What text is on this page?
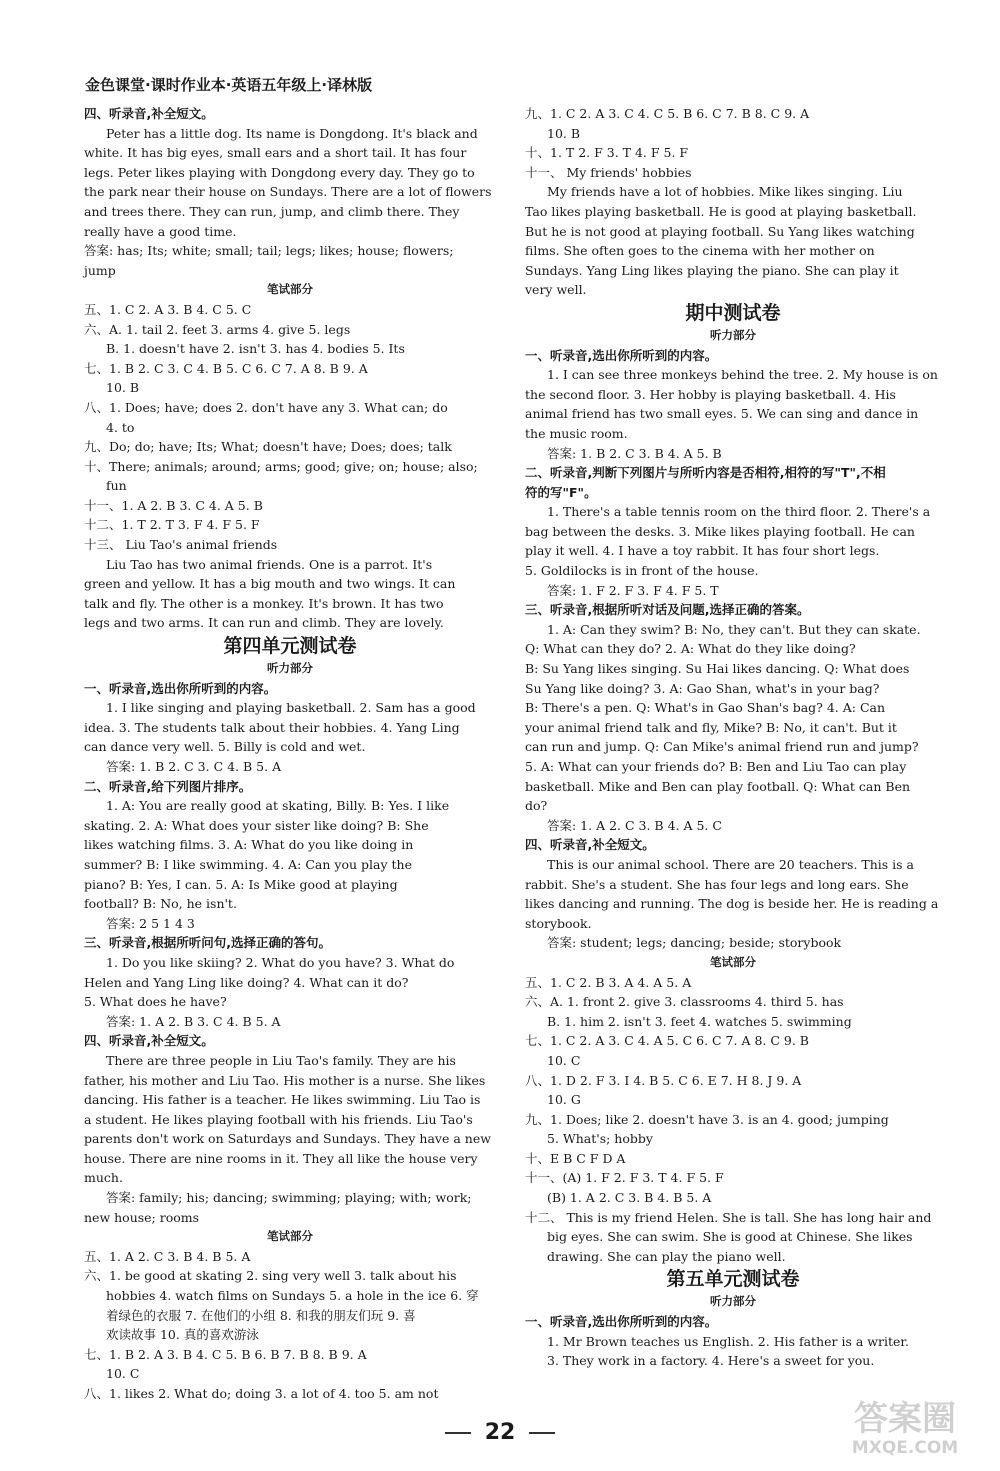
金色课堂·课时作业本·英语五年级上·译林版
四、听录音,补全短文。
Peter has a little dog. Its name is Dongdong. It's black and
white. It has big eyes, small ears and a short tail. It has four
legs. Peter likes playing with Dongdong every day. They go to
the park near their house on Sundays. There are a lot of flowers
and trees there. They can run, jump, and climb there. They
really have a good time.
答案: has; Its; white; small; tail; legs; likes; house; flowers;
jump
笔试部分
五、1. C 2. A 3. B 4. C 5. C
六、A. 1. tail 2. feet 3. arms 4. give 5. legs
B. 1. doesn't have 2. isn't 3. has 4. bodies 5. Its
七、1. B 2. C 3. C 4. B 5. C 6. C 7. A 8. B 9. A
10. B
八、1. Does; have; does 2. don't have any 3. What can; do
4. to
九、Do; do; have; Its; What; doesn't have; Does; does; talk
十、There; animals; around; arms; good; give; on; house; also;
fun
十一、1. A 2. B 3. C 4. A 5. B
十二、1. T 2. T 3. F 4. F 5. F
十三、 Liu Tao's animal friends
Liu Tao has two animal friends. One is a parrot. It's
green and yellow. It has a big mouth and two wings. It can
talk and fly. The other is a monkey. It's brown. It has two
legs and two arms. It can run and climb. They are lovely.
第四单元测试卷
听力部分
一、听录音,选出你所听到的内容。
1. I like singing and playing basketball. 2. Sam has a good
idea. 3. The students talk about their hobbies. 4. Yang Ling
can dance very well. 5. Billy is cold and wet.
答案: 1. B 2. C 3. C 4. B 5. A
二、听录音,给下列图片排序。
1. A: You are really good at skating, Billy. B: Yes. I like
skating. 2. A: What does your sister like doing? B: She
likes watching films. 3. A: What do you like doing in
summer? B: I like swimming. 4. A: Can you play the
piano? B: Yes, I can. 5. A: Is Mike good at playing
football? B: No, he isn't.
答案: 2 5 1 4 3
三、听录音,根据所听问句,选择正确的答句。
1. Do you like skiing? 2. What do you have? 3. What do
Helen and Yang Ling like doing? 4. What can it do?
5. What does he have?
答案: 1. A 2. B 3. C 4. B 5. A
四、听录音,补全短文。
There are three people in Liu Tao's family. They are his
father, his mother and Liu Tao. His mother is a nurse. She likes
dancing. His father is a teacher. He likes swimming. Liu Tao is
a student. He likes playing football with his friends. Liu Tao's
parents don't work on Saturdays and Sundays. They have a new
house. There are nine rooms in it. They all like the house very
much.
答案: family; his; dancing; swimming; playing; with; work;
new house; rooms
笔试部分
五、1. A 2. C 3. B 4. B 5. A
六、1. be good at skating 2. sing very well 3. talk about his
hobbies 4. watch films on Sundays 5. a hole in the ice 6. 穿
着绿色的衣服 7. 在他们的小组 8. 和我的朋友们玩 9. 喜
欢读故事 10. 真的喜欢游泳
七、1. B 2. A 3. B 4. C 5. B 6. B 7. B 8. B 9. A
10. C
八、1. likes 2. What do; doing 3. a lot of 4. too 5. am not
九、1. C 2. A 3. C 4. C 5. B 6. C 7. B 8. C 9. A
10. B
十、1. T 2. F 3. T 4. F 5. F
十一、 My friends' hobbies
My friends have a lot of hobbies. Mike likes singing. Liu
Tao likes playing basketball. He is good at playing basketball.
But he is not good at playing football. Su Yang likes watching
films. She often goes to the cinema with her mother on
Sundays. Yang Ling likes playing the piano. She can play it
very well.
期中测试卷
听力部分
一、听录音,选出你所听到的内容。
1. I can see three monkeys behind the tree. 2. My house is on
the second floor. 3. Her hobby is playing basketball. 4. His
animal friend has two small eyes. 5. We can sing and dance in
the music room.
答案: 1. B 2. C 3. B 4. A 5. B
二、听录音,判断下列图片与所听内容是否相符,相符的写"T",不相
符的写"F"。
1. There's a table tennis room on the third floor. 2. There's a
bag between the desks. 3. Mike likes playing football. He can
play it well. 4. I have a toy rabbit. It has four short legs.
5. Goldilocks is in front of the house.
答案: 1. F 2. F 3. F 4. F 5. T
三、听录音,根据所听对话及问题,选择正确的答案。
1. A: Can they swim? B: No, they can't. But they can skate.
Q: What can they do? 2. A: What do they like doing?
B: Su Yang likes singing. Su Hai likes dancing. Q: What does
Su Yang like doing? 3. A: Gao Shan, what's in your bag?
B: There's a pen. Q: What's in Gao Shan's bag? 4. A: Can
your animal friend talk and fly, Mike? B: No, it can't. But it
can run and jump. Q: Can Mike's animal friend run and jump?
5. A: What can your friends do? B: Ben and Liu Tao can play
basketball. Mike and Ben can play football. Q: What can Ben
do?
答案: 1. A 2. C 3. B 4. A 5. C
四、听录音,补全短文。
This is our animal school. There are 20 teachers. This is a
rabbit. She's a student. She has four legs and long ears. She
likes dancing and running. The dog is beside her. He is reading a
storybook.
答案: student; legs; dancing; beside; storybook
笔试部分
五、1. C 2. B 3. A 4. A 5. A
六、A. 1. front 2. give 3. classrooms 4. third 5. has
B. 1. him 2. isn't 3. feet 4. watches 5. swimming
七、1. C 2. A 3. C 4. A 5. C 6. C 7. A 8. C 9. B
10. C
八、1. D 2. F 3. I 4. B 5. C 6. E 7. H 8. J 9. A
10. G
九、1. Does; like 2. doesn't have 3. is an 4. good; jumping
5. What's; hobby
十、E B C F D A
十一、(A) 1. F 2. F 3. T 4. F 5. F
(B) 1. A 2. C 3. B 4. B 5. A
十二、 This is my friend Helen. She is tall. She has long hair and
big eyes. She can swim. She is good at Chinese. She likes
drawing. She can play the piano well.
第五单元测试卷
听力部分
一、听录音,选出你所听到的内容。
1. Mr Brown teaches us English. 2. His father is a writer.
3. They work in a factory. 4. Here's a sweet for you.
22	答案圈
MXQE.COM
